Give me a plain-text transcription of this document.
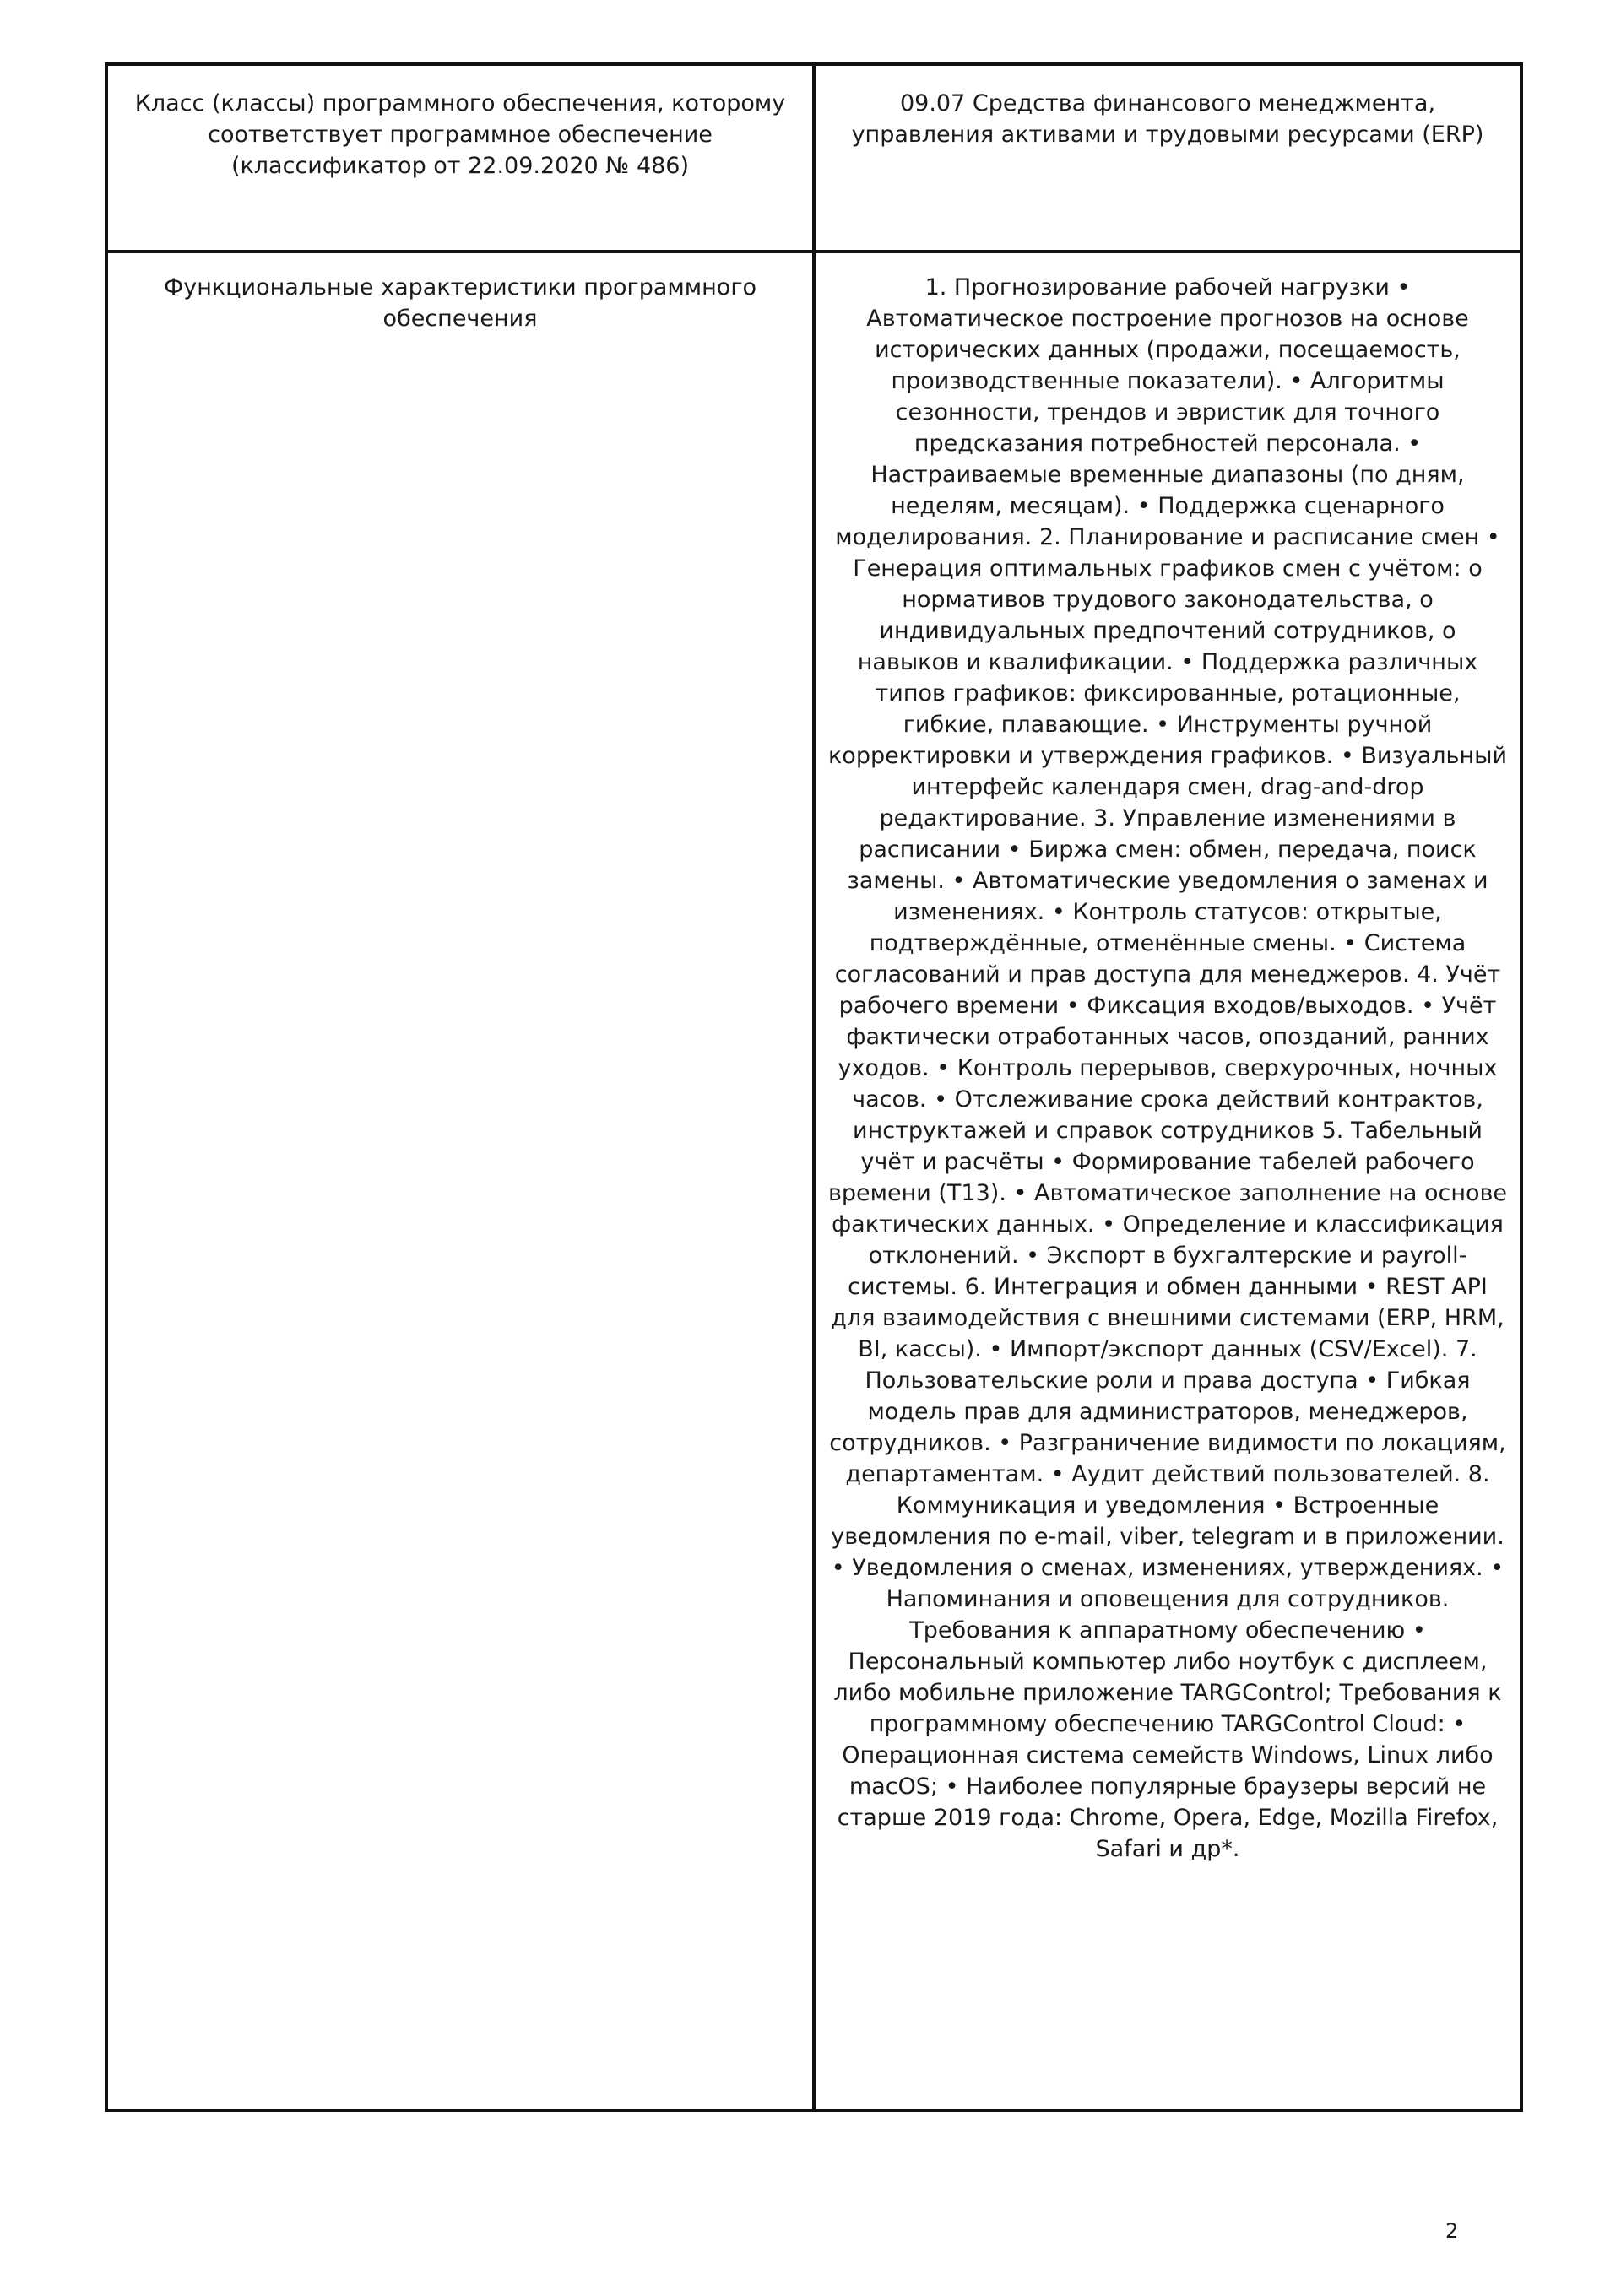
Класс (классы) программного обеспечения, которому соответствует программное обеспечение (классификатор от 22.09.2020 № 486)	09.07 Средства финансового менеджмента, управления активами и трудовыми ресурсами (ERP)

Функциональные характеристики программного обеспечения	1. Прогнозирование рабочей нагрузки • Автоматическое построение прогнозов на основе исторических данных (продажи, посещаемость, производственные показатели). • Алгоритмы сезонности, трендов и эвристик для точного предсказания потребностей персонала. • Настраиваемые временные диапазоны (по дням, неделям, месяцам). • Поддержка сценарного моделирования. 2. Планирование и расписание смен • Генерация оптимальных графиков смен с учётом: о нормативов трудового законодательства, о индивидуальных предпочтений сотрудников, о навыков и квалификации. • Поддержка различных типов графиков: фиксированные, ротационные, гибкие, плавающие. • Инструменты ручной корректировки и утверждения графиков. • Визуальный интерфейс календаря смен, drag-and-drop редактирование. 3. Управление изменениями в расписании • Биржа смен: обмен, передача, поиск замены. • Автоматические уведомления о заменах и изменениях. • Контроль статусов: открытые, подтверждённые, отменённые смены. • Система согласований и прав доступа для менеджеров. 4. Учёт рабочего времени • Фиксация входов/выходов. • Учёт фактически отработанных часов, опозданий, ранних уходов. • Контроль перерывов, сверхурочных, ночных часов. • Отслеживание срока действий контрактов, инструктажей и справок сотрудников 5. Табельный учёт и расчёты • Формирование табелей рабочего времени (Т13). • Автоматическое заполнение на основе фактических данных. • Определение и классификация отклонений. • Экспорт в бухгалтерские и payroll-системы. 6. Интеграция и обмен данными • REST API для взаимодействия с внешними системами (ERP, HRM, BI, кассы). • Импорт/экспорт данных (CSV/Excel). 7. Пользовательские роли и права доступа • Гибкая модель прав для администраторов, менеджеров, сотрудников. • Разграничение видимости по локациям, департаментам. • Аудит действий пользователей. 8. Коммуникация и уведомления • Встроенные уведомления по e-mail, viber, telegram и в приложении. • Уведомления о сменах, изменениях, утверждениях. • Напоминания и оповещения для сотрудников. Требования к аппаратному обеспечению • Персональный компьютер либо ноутбук с дисплеем, либо мобильне приложение TARGControl; Требования к программному обеспечению TARGControl Cloud: • Операционная система семейств Windows, Linux либо macOS; • Наиболее популярные браузеры версий не старше 2019 года: Chrome, Opera, Edge, Mozilla Firefox, Safari и др*.
2
